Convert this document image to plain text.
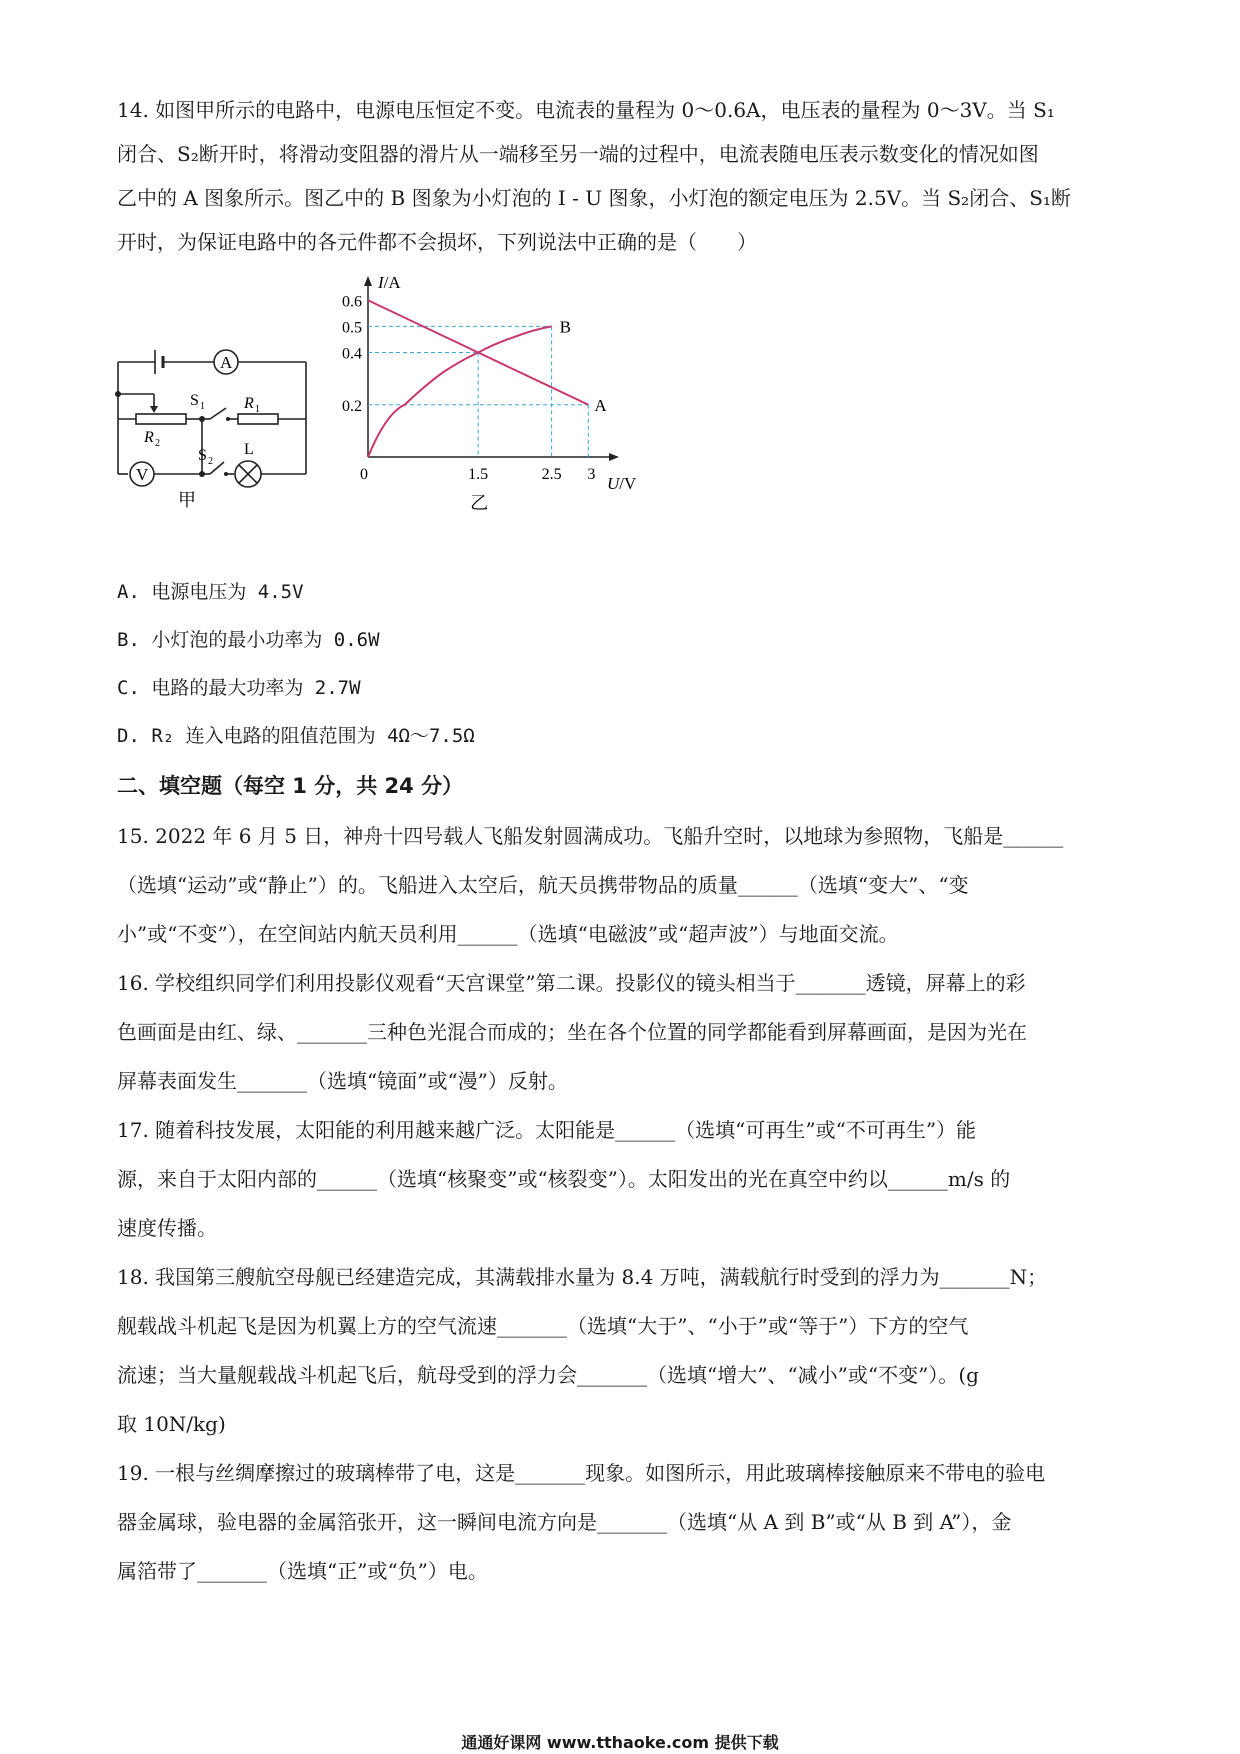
14. 如图甲所示的电路中，电源电压恒定不变。电流表的量程为 0～0.6A，电压表的量程为 0～3V。当 S₁
闭合、S₂断开时，将滑动变阻器的滑片从一端移至另一端的过程中，电流表随电压表示数变化的情况如图
乙中的 A 图象所示。图乙中的 B 图象为小灯泡的 I - U 图象，小灯泡的额定电压为 2.5V。当 S₂闭合、S₁断
开时，为保证电路中的各元件都不会损坏，下列说法中正确的是（　　）
A
V
R 2
R 1
S 1
S 2
L
甲
I/A
U/V
A
B
0.6
0.5
0.4
0.2
0	1.5	2.5 3
乙
A. 电源电压为 4.5V
B. 小灯泡的最小功率为 0.6W
C. 电路的最大功率为 2.7W
D. R₂ 连入电路的阻值范围为 4Ω～7.5Ω
二、填空题（每空 1 分，共 24 分）
15. 2022 年 6 月 5 日，神舟十四号载人飞船发射圆满成功。飞船升空时，以地球为参照物，飞船是______
（选填“运动”或“静止”）的。飞船进入太空后，航天员携带物品的质量______（选填“变大”、“变
小”或“不变”），在空间站内航天员利用______（选填“电磁波”或“超声波”）与地面交流。
16. 学校组织同学们利用投影仪观看“天宫课堂”第二课。投影仪的镜头相当于_______透镜，屏幕上的彩
色画面是由红、绿、_______三种色光混合而成的；坐在各个位置的同学都能看到屏幕画面，是因为光在
屏幕表面发生_______（选填“镜面”或“漫”）反射。
17. 随着科技发展，太阳能的利用越来越广泛。太阳能是______（选填“可再生”或“不可再生”）能
源，来自于太阳内部的______（选填“核聚变”或“核裂变”）。太阳发出的光在真空中约以______m/s 的
速度传播。
18. 我国第三艘航空母舰已经建造完成，其满载排水量为 8.4 万吨，满载航行时受到的浮力为_______N；
舰载战斗机起飞是因为机翼上方的空气流速_______（选填“大于”、“小于”或“等于”）下方的空气
流速；当大量舰载战斗机起飞后，航母受到的浮力会_______（选填“增大”、“减小”或“不变”）。(g
取 10N/kg)
19. 一根与丝绸摩擦过的玻璃棒带了电，这是_______现象。如图所示，用此玻璃棒接触原来不带电的验电
器金属球，验电器的金属箔张开，这一瞬间电流方向是_______（选填“从 A 到 B”或“从 B 到 A”），金
属箔带了_______（选填“正”或“负”）电。
通通好课网 www.tthaoke.com 提供下载
